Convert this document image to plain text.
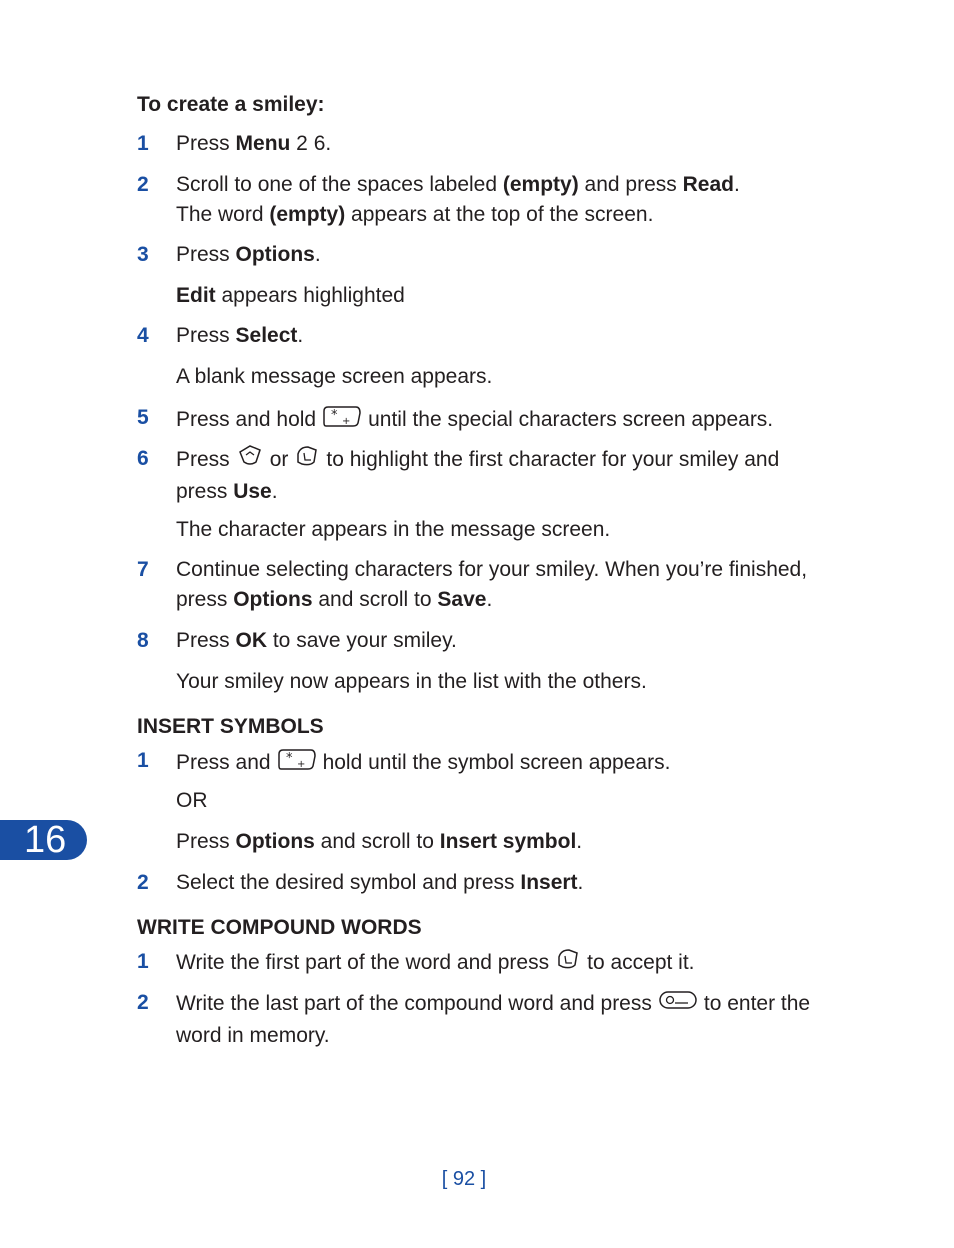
To create a smiley:
1	Press Menu 2 6.
2	Scroll to one of the spaces labeled (empty) and press Read.
The word (empty) appears at the top of the screen.
3	Press Options.
Edit appears highlighted
4	Press Select.
A blank message screen appears.
5	Press and hold * + until the special characters screen appears.
6	Press or to highlight the first character for your smiley and
press Use.
The character appears in the message screen.
7	Continue selecting characters for your smiley. When you’re finished,
press Options and scroll to Save.
8	Press OK to save your smiley.
Your smiley now appears in the list with the others.
INSERT SYMBOLS
1	Press and * + hold until the symbol screen appears.
OR
Press Options and scroll to Insert symbol.
2	Select the desired symbol and press Insert.
WRITE COMPOUND WORDS
1	Write the first part of the word and press to accept it.
2	Write the last part of the compound word and press to enter the
word in memory.
16
[ 92 ]
